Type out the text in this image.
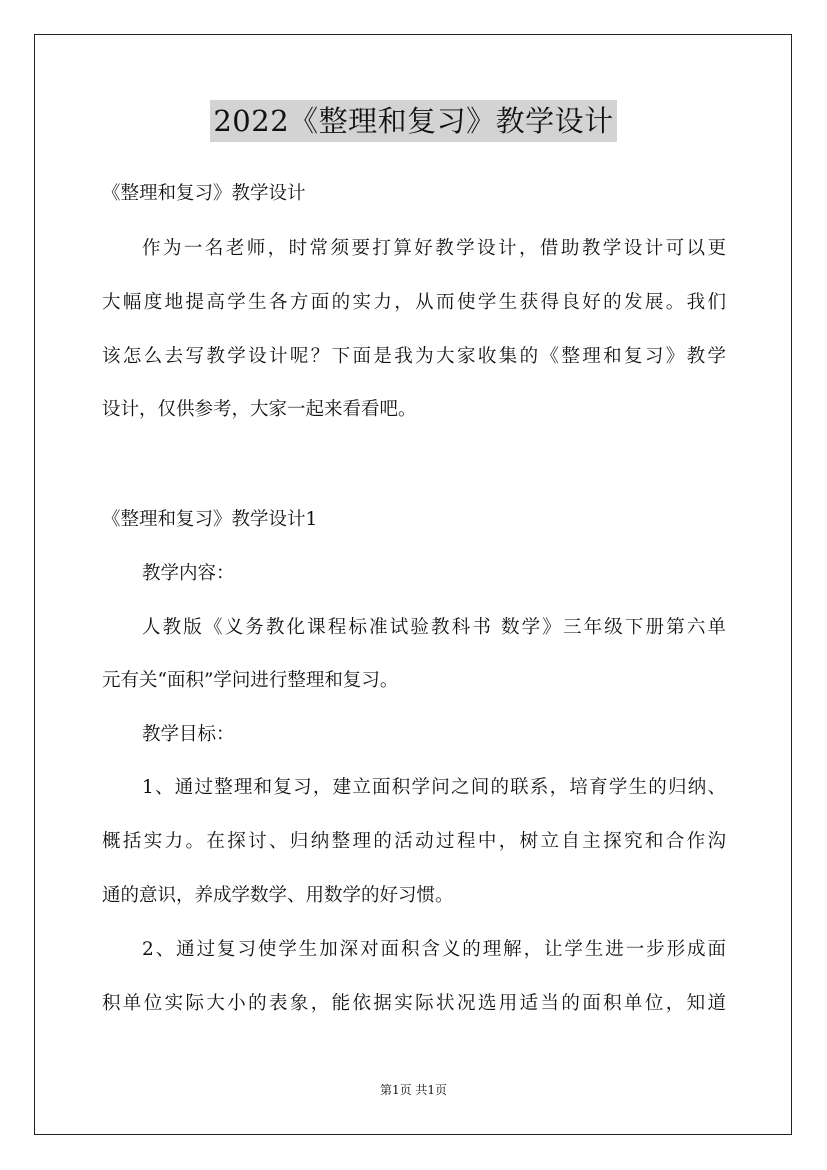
2022《整理和复习》教学设计
《整理和复习》教学设计
作为一名老师，时常须要打算好教学设计，借助教学设计可以更
大幅度地提高学生各方面的实力，从而使学生获得良好的发展。我们
该怎么去写教学设计呢？下面是我为大家收集的《整理和复习》教学
设计，仅供参考，大家一起来看看吧。
《整理和复习》教学设计1
教学内容：
人教版《义务教化课程标准试验教科书 数学》三年级下册第六单
元有关“面积”学问进行整理和复习。
教学目标：
1、通过整理和复习，建立面积学问之间的联系，培育学生的归纳、
概括实力。在探讨、归纳整理的活动过程中，树立自主探究和合作沟
通的意识，养成学数学、用数学的好习惯。
2、通过复习使学生加深对面积含义的理解，让学生进一步形成面
积单位实际大小的表象，能依据实际状况选用适当的面积单位，知道
第1页 共1页
